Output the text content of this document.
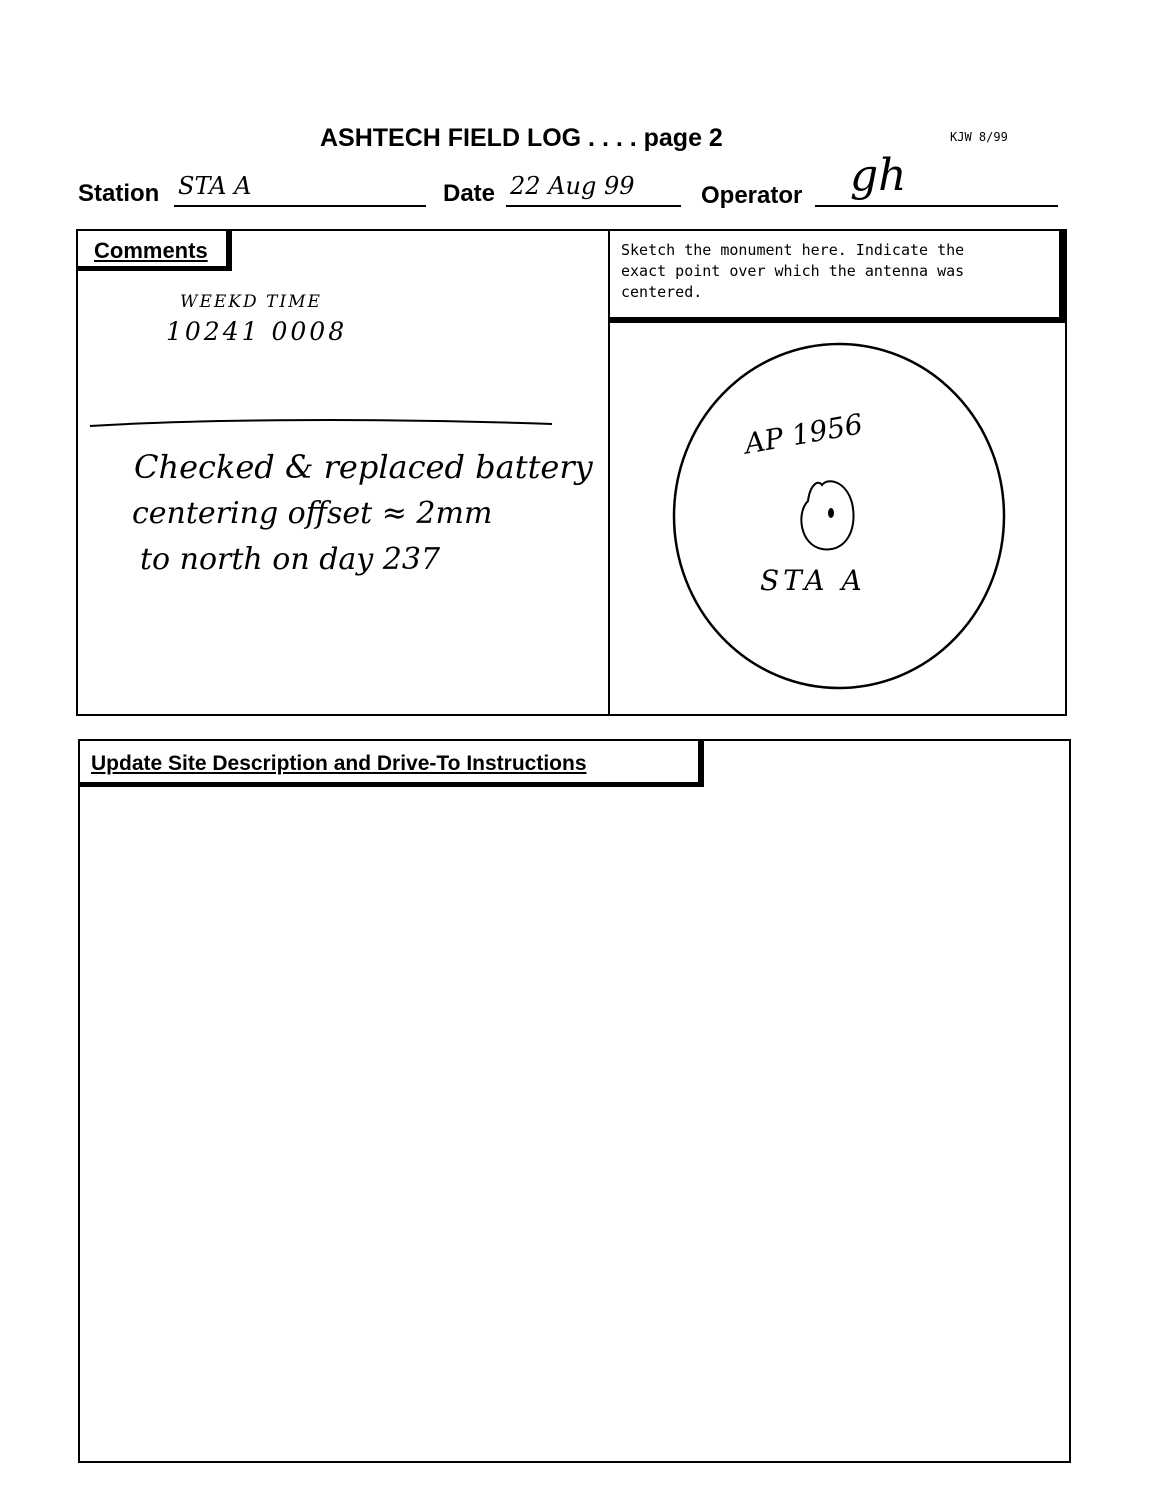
ASHTECH FIELD LOG . . . . page 2	KJW 8/99
Station STA A	Date 22 Aug 99	Operator gh
Comments
WEEKD TIME
10241 0008
Checked & replaced battery
centering offset ≈ 2mm
to north on day 237
Sketch the monument here. Indicate the
exact point over which the antenna was
centered.
AP 1956
STA A
Update Site Description and Drive-To Instructions
